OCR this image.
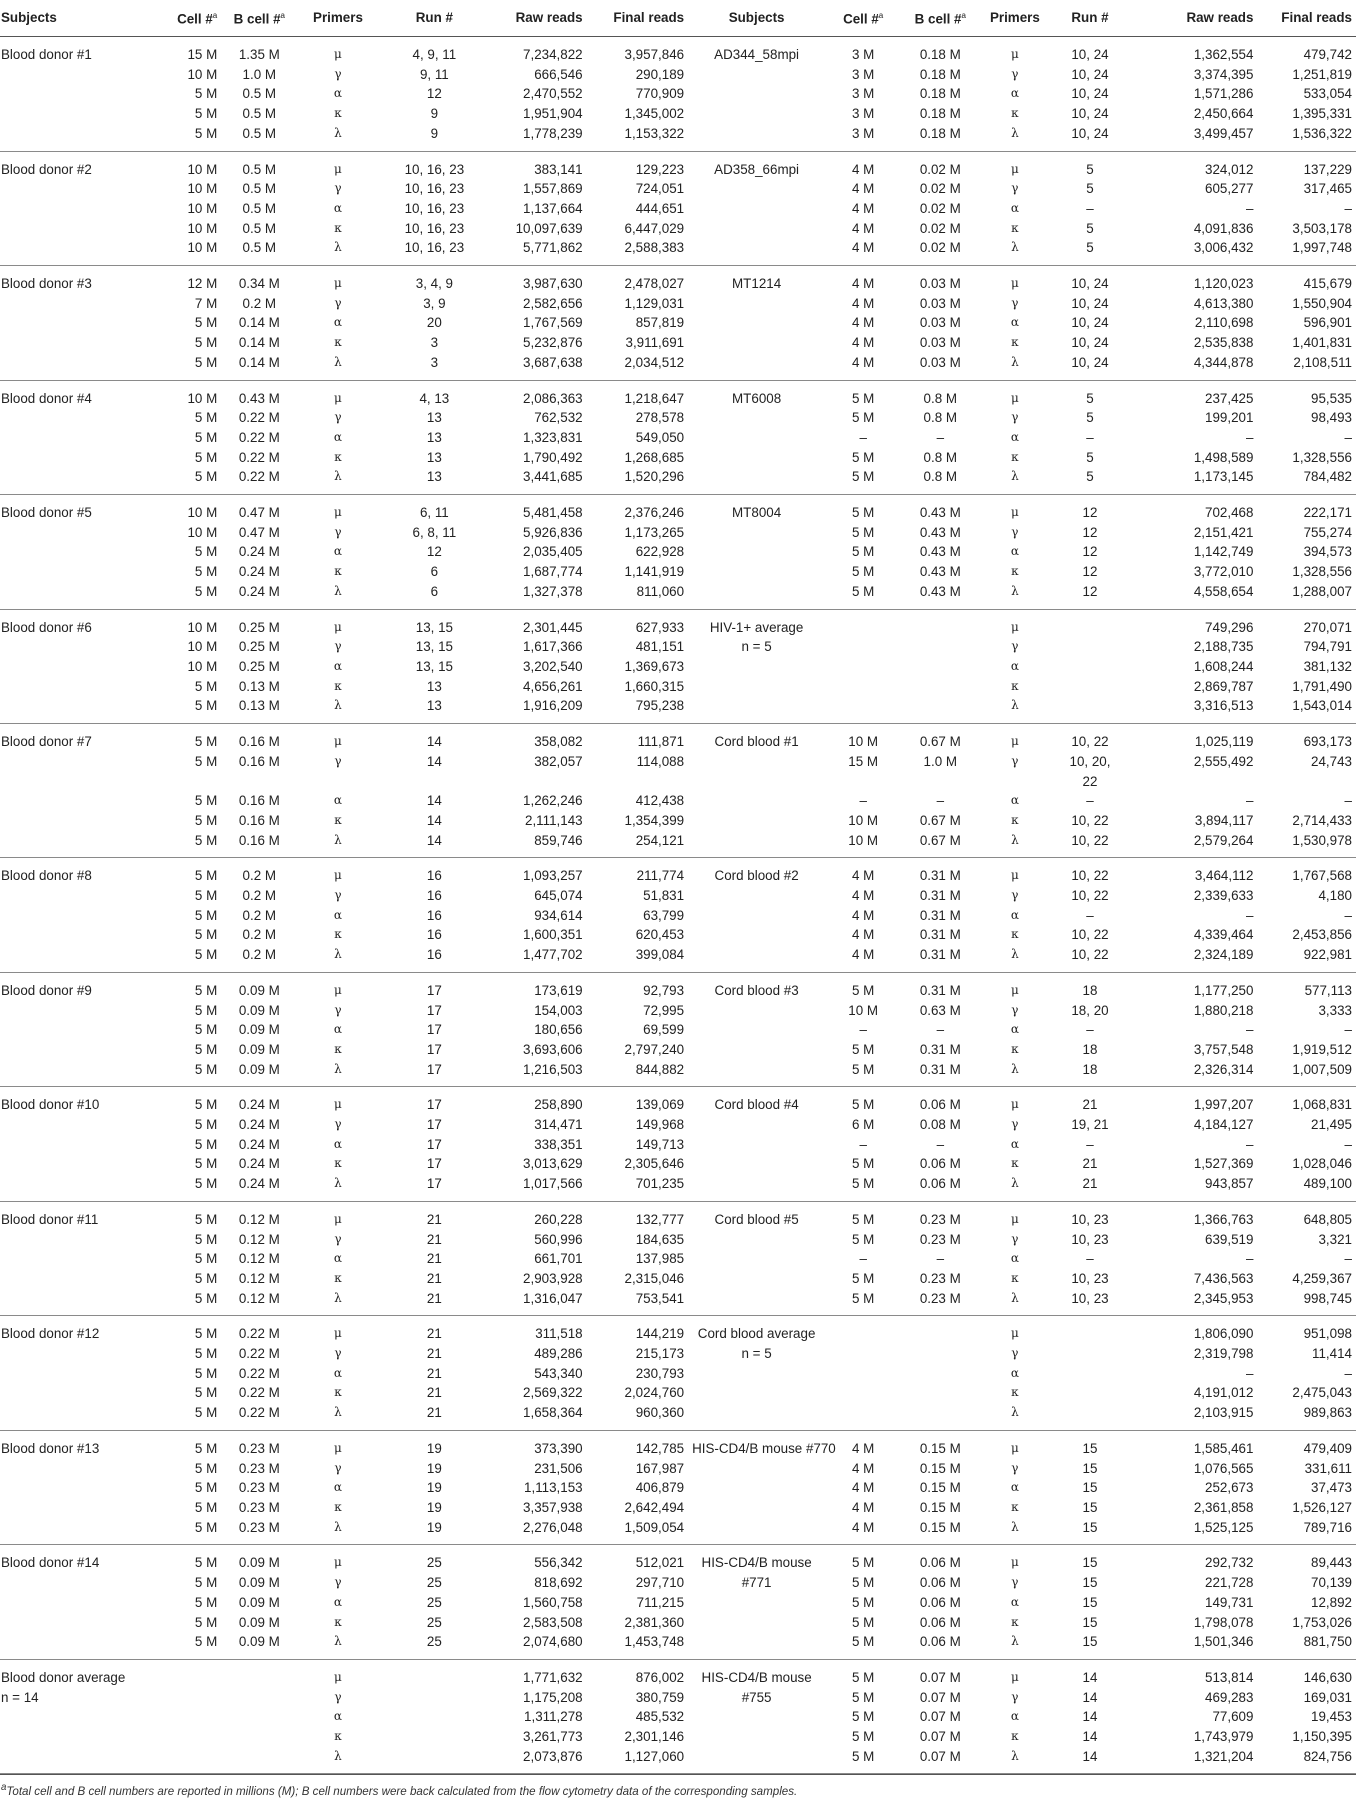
Subjects	Cell #$^a$	B cell #$^a$	Primers	Run #	Raw reads	Final reads	Subjects	Cell #$^a$	B cell #$^a$	Primers	Run #	Raw reads	Final reads
Blood donor #1	15 M	1.35 M	μ	4, 9, 11	7,234,822	3,957,846	AD344_58mpi	3 M	0.18 M	μ	10, 24	1,362,554	479,742
	10 M	1.0 M	γ	9, 11	666,546	290,189		3 M	0.18 M	γ	10, 24	3,374,395	1,251,819
	5 M	0.5 M	α	12	2,470,552	770,909		3 M	0.18 M	α	10, 24	1,571,286	533,054
	5 M	0.5 M	κ	9	1,951,904	1,345,002		3 M	0.18 M	κ	10, 24	2,450,664	1,395,331
	5 M	0.5 M	λ	9	1,778,239	1,153,322		3 M	0.18 M	λ	10, 24	3,499,457	1,536,322
Blood donor #2	10 M	0.5 M	μ	10, 16, 23	383,141	129,223	AD358_66mpi	4 M	0.02 M	μ	5	324,012	137,229
	10 M	0.5 M	γ	10, 16, 23	1,557,869	724,051		4 M	0.02 M	γ	5	605,277	317,465
	10 M	0.5 M	α	10, 16, 23	1,137,664	444,651		4 M	0.02 M	α	–	–	–
	10 M	0.5 M	κ	10, 16, 23	10,097,639	6,447,029		4 M	0.02 M	κ	5	4,091,836	3,503,178
	10 M	0.5 M	λ	10, 16, 23	5,771,862	2,588,383		4 M	0.02 M	λ	5	3,006,432	1,997,748
Blood donor #3	12 M	0.34 M	μ	3, 4, 9	3,987,630	2,478,027	MT1214	4 M	0.03 M	μ	10, 24	1,120,023	415,679
	7 M	0.2 M	γ	3, 9	2,582,656	1,129,031		4 M	0.03 M	γ	10, 24	4,613,380	1,550,904
	5 M	0.14 M	α	20	1,767,569	857,819		4 M	0.03 M	α	10, 24	2,110,698	596,901
	5 M	0.14 M	κ	3	5,232,876	3,911,691		4 M	0.03 M	κ	10, 24	2,535,838	1,401,831
	5 M	0.14 M	λ	3	3,687,638	2,034,512		4 M	0.03 M	λ	10, 24	4,344,878	2,108,511
Blood donor #4	10 M	0.43 M	μ	4, 13	2,086,363	1,218,647	MT6008	5 M	0.8 M	μ	5	237,425	95,535
	5 M	0.22 M	γ	13	762,532	278,578		5 M	0.8 M	γ	5	199,201	98,493
	5 M	0.22 M	α	13	1,323,831	549,050		–	–	α	–	–	–
	5 M	0.22 M	κ	13	1,790,492	1,268,685		5 M	0.8 M	κ	5	1,498,589	1,328,556
	5 M	0.22 M	λ	13	3,441,685	1,520,296		5 M	0.8 M	λ	5	1,173,145	784,482
Blood donor #5	10 M	0.47 M	μ	6, 11	5,481,458	2,376,246	MT8004	5 M	0.43 M	μ	12	702,468	222,171
	10 M	0.47 M	γ	6, 8, 11	5,926,836	1,173,265		5 M	0.43 M	γ	12	2,151,421	755,274
	5 M	0.24 M	α	12	2,035,405	622,928		5 M	0.43 M	α	12	1,142,749	394,573
	5 M	0.24 M	κ	6	1,687,774	1,141,919		5 M	0.43 M	κ	12	3,772,010	1,328,556
	5 M	0.24 M	λ	6	1,327,378	811,060		5 M	0.43 M	λ	12	4,558,654	1,288,007
Blood donor #6	10 M	0.25 M	μ	13, 15	2,301,445	627,933	HIV-1+ average			μ		749,296	270,071
	10 M	0.25 M	γ	13, 15	1,617,366	481,151	n = 5			γ		2,188,735	794,791
	10 M	0.25 M	α	13, 15	3,202,540	1,369,673				α		1,608,244	381,132
	5 M	0.13 M	κ	13	4,656,261	1,660,315				κ		2,869,787	1,791,490
	5 M	0.13 M	λ	13	1,916,209	795,238				λ		3,316,513	1,543,014
Blood donor #7	5 M	0.16 M	μ	14	358,082	111,871	Cord blood #1	10 M	0.67 M	μ	10, 22	1,025,119	693,173
	5 M	0.16 M	γ	14	382,057	114,088		15 M	1.0 M	γ	10, 20,	2,555,492	24,743
											22		
	5 M	0.16 M	α	14	1,262,246	412,438		–	–	α	–	–	–
	5 M	0.16 M	κ	14	2,111,143	1,354,399		10 M	0.67 M	κ	10, 22	3,894,117	2,714,433
	5 M	0.16 M	λ	14	859,746	254,121		10 M	0.67 M	λ	10, 22	2,579,264	1,530,978
Blood donor #8	5 M	0.2 M	μ	16	1,093,257	211,774	Cord blood #2	4 M	0.31 M	μ	10, 22	3,464,112	1,767,568
	5 M	0.2 M	γ	16	645,074	51,831		4 M	0.31 M	γ	10, 22	2,339,633	4,180
	5 M	0.2 M	α	16	934,614	63,799		4 M	0.31 M	α	–	–	–
	5 M	0.2 M	κ	16	1,600,351	620,453		4 M	0.31 M	κ	10, 22	4,339,464	2,453,856
	5 M	0.2 M	λ	16	1,477,702	399,084		4 M	0.31 M	λ	10, 22	2,324,189	922,981
Blood donor #9	5 M	0.09 M	μ	17	173,619	92,793	Cord blood #3	5 M	0.31 M	μ	18	1,177,250	577,113
	5 M	0.09 M	γ	17	154,003	72,995		10 M	0.63 M	γ	18, 20	1,880,218	3,333
	5 M	0.09 M	α	17	180,656	69,599		–	–	α	–	–	–
	5 M	0.09 M	κ	17	3,693,606	2,797,240		5 M	0.31 M	κ	18	3,757,548	1,919,512
	5 M	0.09 M	λ	17	1,216,503	844,882		5 M	0.31 M	λ	18	2,326,314	1,007,509
Blood donor #10	5 M	0.24 M	μ	17	258,890	139,069	Cord blood #4	5 M	0.06 M	μ	21	1,997,207	1,068,831
	5 M	0.24 M	γ	17	314,471	149,968		6 M	0.08 M	γ	19, 21	4,184,127	21,495
	5 M	0.24 M	α	17	338,351	149,713		–	–	α	–	–	–
	5 M	0.24 M	κ	17	3,013,629	2,305,646		5 M	0.06 M	κ	21	1,527,369	1,028,046
	5 M	0.24 M	λ	17	1,017,566	701,235		5 M	0.06 M	λ	21	943,857	489,100
Blood donor #11	5 M	0.12 M	μ	21	260,228	132,777	Cord blood #5	5 M	0.23 M	μ	10, 23	1,366,763	648,805
	5 M	0.12 M	γ	21	560,996	184,635		5 M	0.23 M	γ	10, 23	639,519	3,321
	5 M	0.12 M	α	21	661,701	137,985		–	–	α	–	–	–
	5 M	0.12 M	κ	21	2,903,928	2,315,046		5 M	0.23 M	κ	10, 23	7,436,563	4,259,367
	5 M	0.12 M	λ	21	1,316,047	753,541		5 M	0.23 M	λ	10, 23	2,345,953	998,745
Blood donor #12	5 M	0.22 M	μ	21	311,518	144,219	Cord blood average			μ		1,806,090	951,098
	5 M	0.22 M	γ	21	489,286	215,173	n = 5			γ		2,319,798	11,414
	5 M	0.22 M	α	21	543,340	230,793				α		–	–
	5 M	0.22 M	κ	21	2,569,322	2,024,760				κ		4,191,012	2,475,043
	5 M	0.22 M	λ	21	1,658,364	960,360				λ		2,103,915	989,863
Blood donor #13	5 M	0.23 M	μ	19	373,390	142,785	HIS-CD4/B mouse #770	4 M	0.15 M	μ	15	1,585,461	479,409
	5 M	0.23 M	γ	19	231,506	167,987		4 M	0.15 M	γ	15	1,076,565	331,611
	5 M	0.23 M	α	19	1,113,153	406,879		4 M	0.15 M	α	15	252,673	37,473
	5 M	0.23 M	κ	19	3,357,938	2,642,494		4 M	0.15 M	κ	15	2,361,858	1,526,127
	5 M	0.23 M	λ	19	2,276,048	1,509,054		4 M	0.15 M	λ	15	1,525,125	789,716
Blood donor #14	5 M	0.09 M	μ	25	556,342	512,021	HIS-CD4/B mouse	5 M	0.06 M	μ	15	292,732	89,443
	5 M	0.09 M	γ	25	818,692	297,710	#771	5 M	0.06 M	γ	15	221,728	70,139
	5 M	0.09 M	α	25	1,560,758	711,215		5 M	0.06 M	α	15	149,731	12,892
	5 M	0.09 M	κ	25	2,583,508	2,381,360		5 M	0.06 M	κ	15	1,798,078	1,753,026
	5 M	0.09 M	λ	25	2,074,680	1,453,748		5 M	0.06 M	λ	15	1,501,346	881,750
Blood donor average			μ		1,771,632	876,002	HIS-CD4/B mouse	5 M	0.07 M	μ	14	513,814	146,630
n = 14			γ		1,175,208	380,759	#755	5 M	0.07 M	γ	14	469,283	169,031
			α		1,311,278	485,532		5 M	0.07 M	α	14	77,609	19,453
			κ		3,261,773	2,301,146		5 M	0.07 M	κ	14	1,743,979	1,150,395
			λ		2,073,876	1,127,060		5 M	0.07 M	λ	14	1,321,204	824,756
$^a$Total cell and B cell numbers are reported in millions (M); B cell numbers were back calculated from the flow cytometry data of the corresponding samples.
